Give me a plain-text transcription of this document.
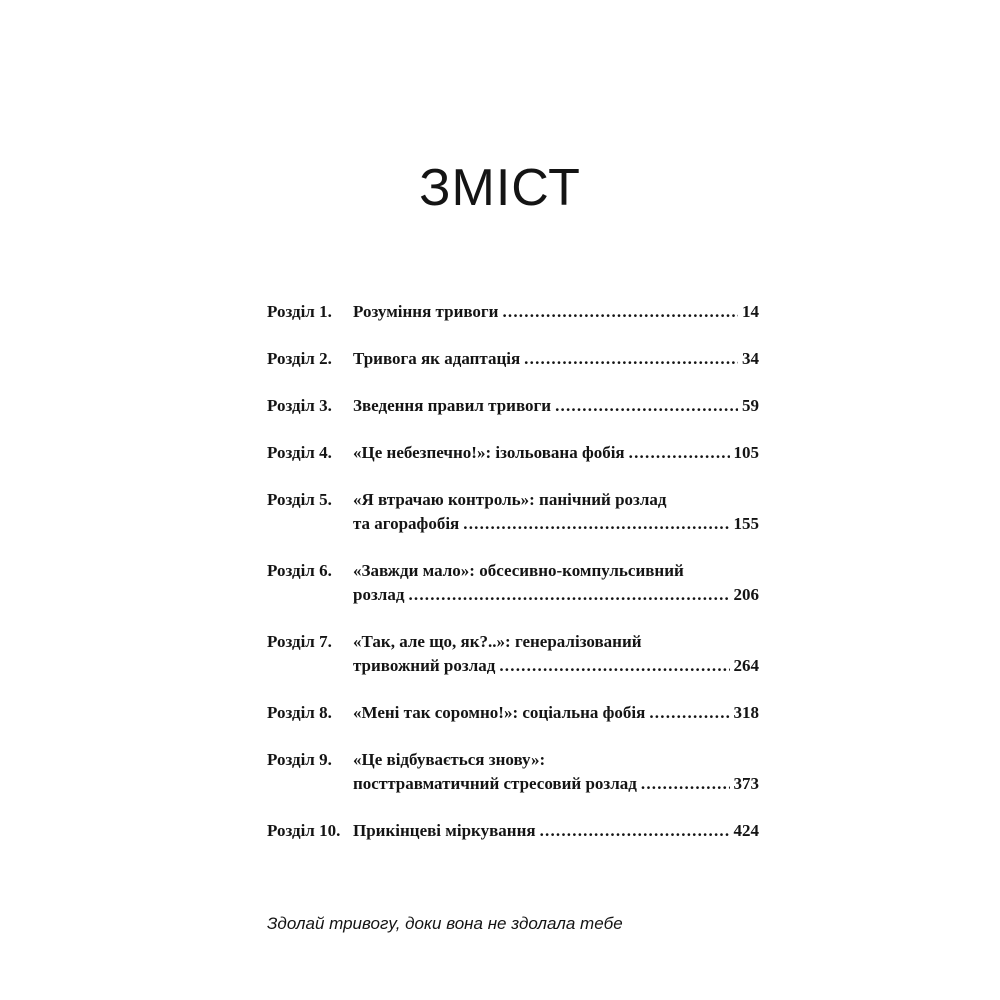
ЗМІСТ
Розділ 1.	Розуміння тривоги .....	14
Розділ 2.	Тривога як адаптація .....	34
Розділ 3.	Зведення правил тривоги .....	59
Розділ 4.	«Це небезпечно!»: ізольована фобія .....	105
Розділ 5.	«Я втрачаю контроль»: панічний розлад
та агорафобія .....	155
Розділ 6.	«Завжди мало»: обсесивно-компульсивний
розлад .....	206
Розділ 7.	«Так, але що, як?..»: генералізований
тривожний розлад .....	264
Розділ 8.	«Мені так соромно!»: соціальна фобія .....	318
Розділ 9.	«Це відбувається знову»:
посттравматичний стресовий розлад .....	373
Розділ 10. Прикінцеві міркування .....	424
Здолай тривогу, доки вона не здолала тебе
